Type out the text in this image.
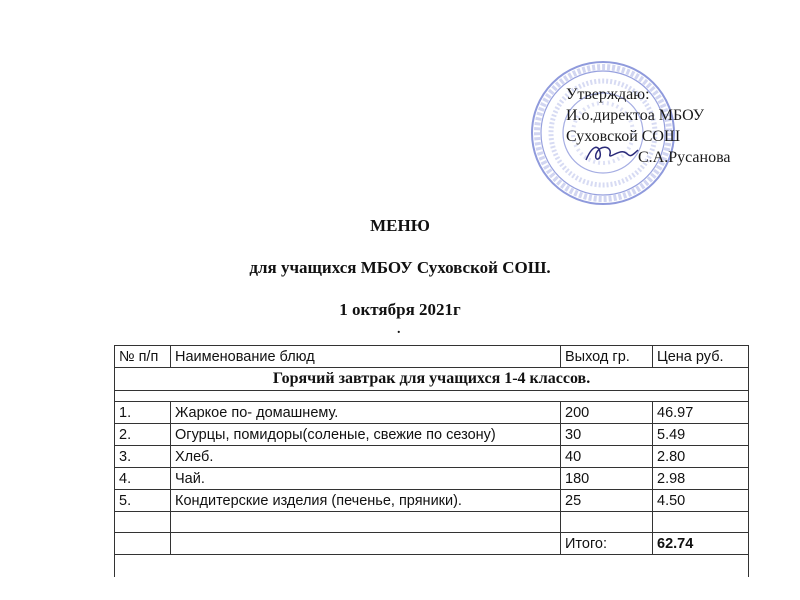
Утверждаю:
И.о.директоа МБОУ
Суховской СОШ
С.А.Русанова
МЕНЮ
для учащихся МБОУ Суховской СОШ.
1 октября 2021г
.
№ п/п	Наименование блюд	Выход гр.	Цена руб.
Горячий завтрак для учащихся 1-4 классов.			

1.	Жаркое по- домашнему.	200	46.97
2.	Огурцы, помидоры(соленые, свежие по сезону)	30	5.49
3.	Хлеб.	40	2.80
4.	Чай.	180	2.98
5.	Кондитерские изделия (печенье, пряники).	25	4.50

		Итого:	62.74
